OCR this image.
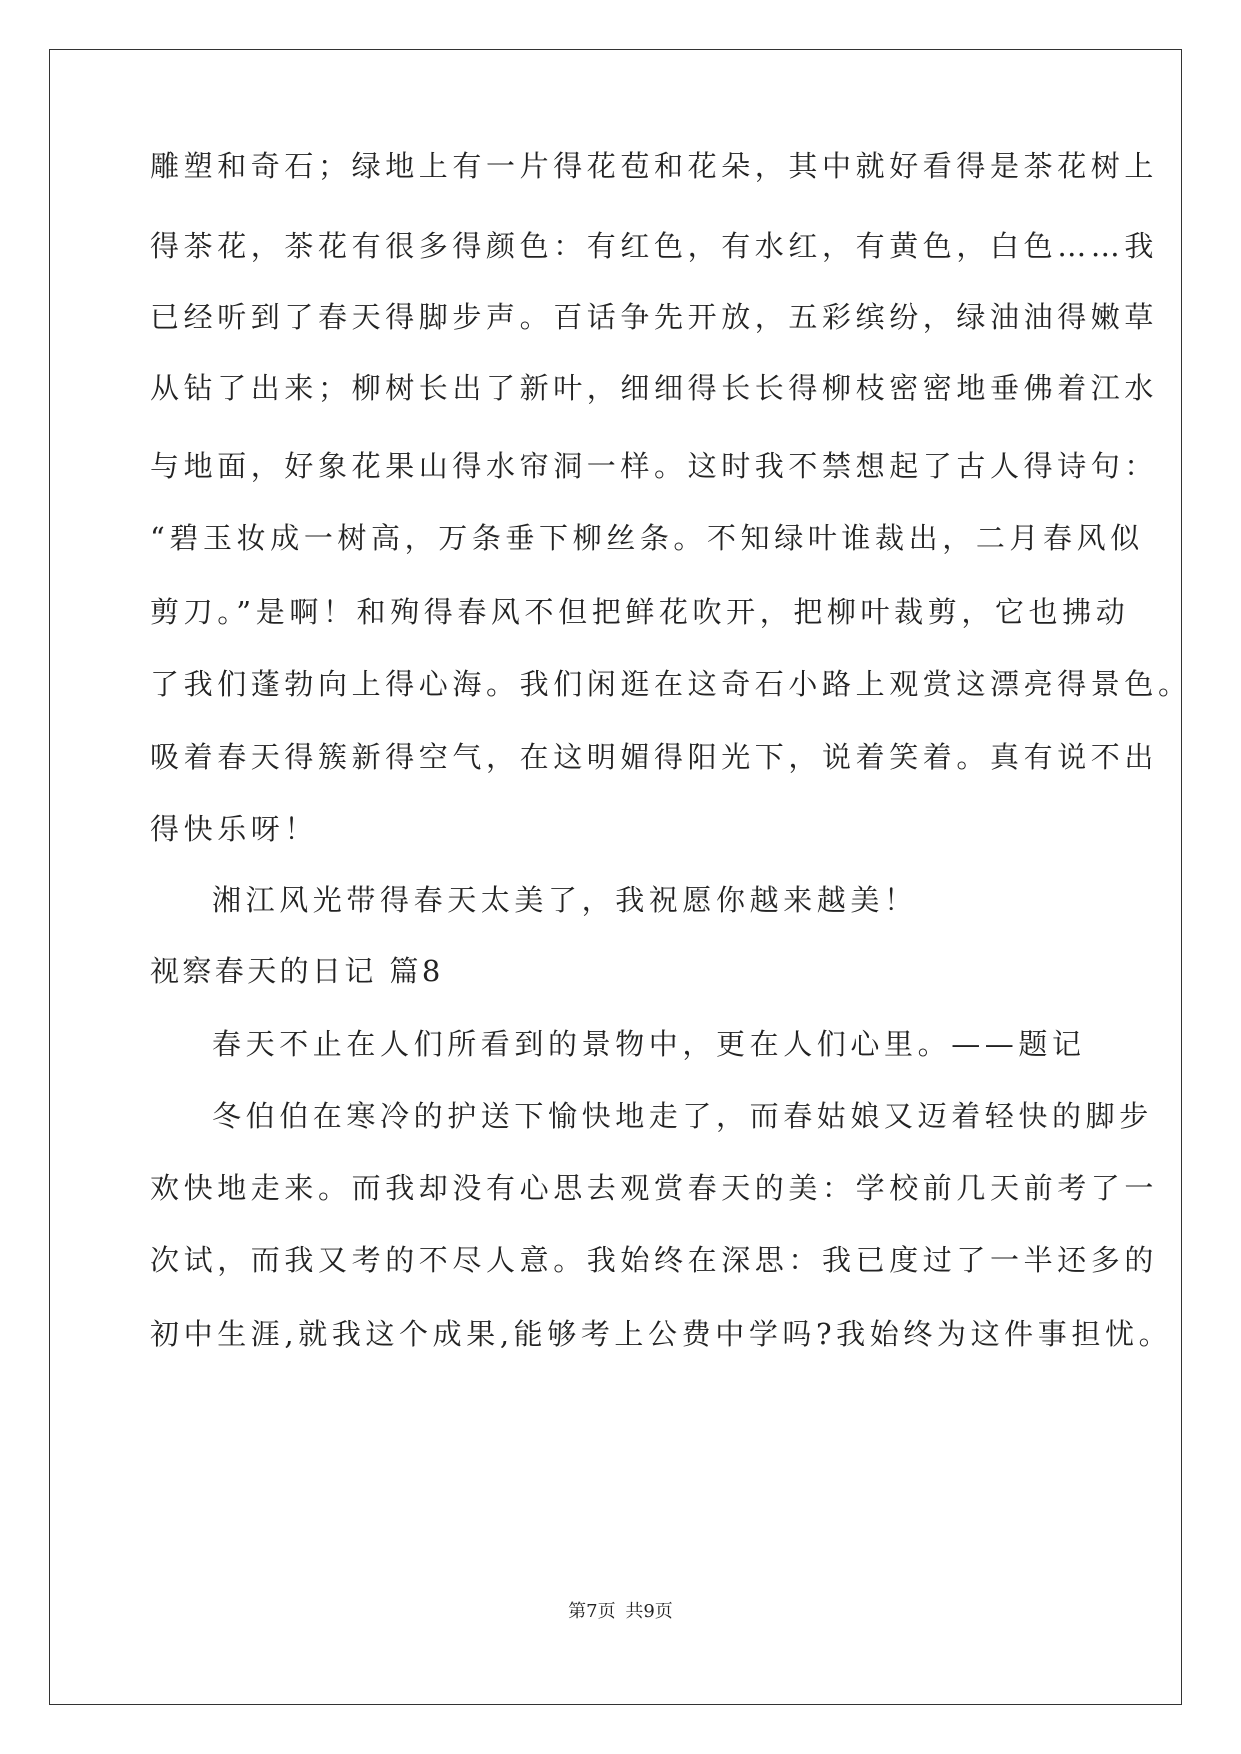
雕塑和奇石；绿地上有一片得花苞和花朵，其中就好看得是茶花树上
得茶花，茶花有很多得颜色：有红色，有水红，有黄色，白色……我
已经听到了春天得脚步声。百话争先开放，五彩缤纷，绿油油得嫩草
从钻了出来；柳树长出了新叶，细细得长长得柳枝密密地垂佛着江水
与地面，好象花果山得水帘洞一样。这时我不禁想起了古人得诗句：
“碧玉妆成一树高，万条垂下柳丝条。不知绿叶谁裁出，二月春风似
剪刀。”是啊！和殉得春风不但把鲜花吹开，把柳叶裁剪，它也拂动
了我们蓬勃向上得心海。我们闲逛在这奇石小路上观赏这漂亮得景色。
吸着春天得簇新得空气，在这明媚得阳光下，说着笑着。真有说不出
得快乐呀！
湘江风光带得春天太美了，我祝愿你越来越美！
视察春天的日记 篇8
春天不止在人们所看到的景物中，更在人们心里。——题记
冬伯伯在寒冷的护送下愉快地走了，而春姑娘又迈着轻快的脚步
欢快地走来。而我却没有心思去观赏春天的美：学校前几天前考了一
次试，而我又考的不尽人意。我始终在深思：我已度过了一半还多的
初中生涯,就我这个成果,能够考上公费中学吗?我始终为这件事担忧。
第7页 共9页
